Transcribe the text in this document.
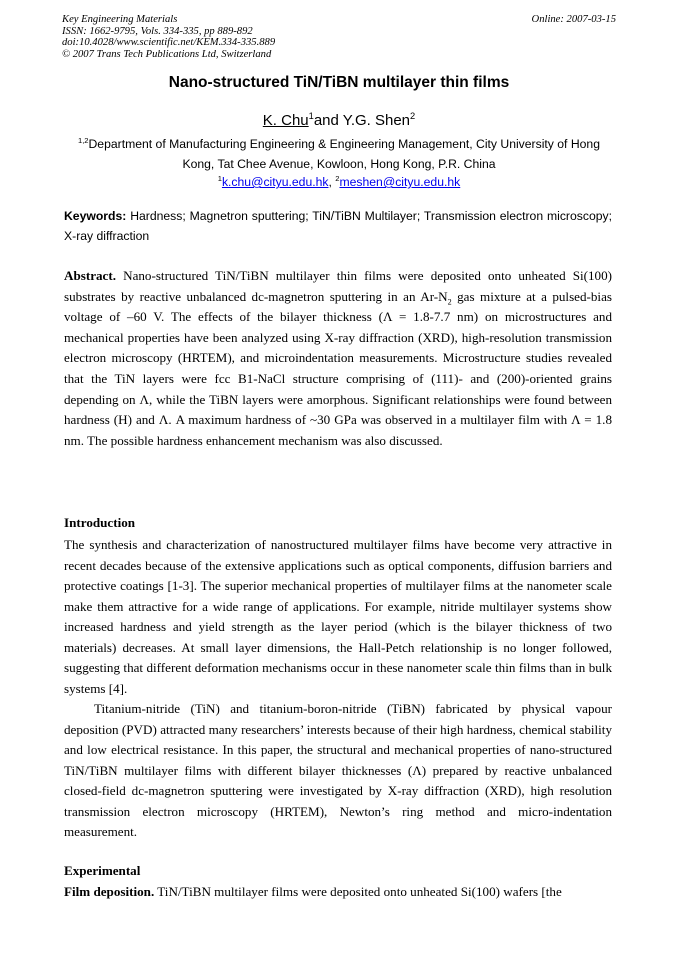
Key Engineering Materials
ISSN: 1662-9795, Vols. 334-335, pp 889-892
doi:10.4028/www.scientific.net/KEM.334-335.889
© 2007 Trans Tech Publications Ltd, Switzerland
Online: 2007-03-15
Nano-structured TiN/TiBN multilayer thin films
K. Chu$^1$and Y.G. Shen$^2$
$^{1,2}$Department of Manufacturing Engineering & Engineering Management, City University of Hong
Kong, Tat Chee Avenue, Kowloon, Hong Kong, P.R. China
$^1$k.chu@cityu.edu.hk, $^2$meshen@cityu.edu.hk
Keywords: Hardness; Magnetron sputtering; TiN/TiBN Multilayer; Transmission electron microscopy; X-ray diffraction
Abstract. Nano-structured TiN/TiBN multilayer thin films were deposited onto unheated Si(100) substrates by reactive unbalanced dc-magnetron sputtering in an $Ar-N_2$ gas mixture at a pulsed-bias voltage of –60 V. The effects of the bilayer thickness (Λ = 1.8-7.7 nm) on microstructures and mechanical properties have been analyzed using X-ray diffraction (XRD), high-resolution transmission electron microscopy (HRTEM), and microindentation measurements. Microstructure studies revealed that the TiN layers were fcc B1-NaCl structure comprising of (111)- and (200)-oriented grains depending on Λ, while the TiBN layers were amorphous. Significant relationships were found between hardness (H) and Λ. A maximum hardness of ~30 GPa was observed in a multilayer film with Λ = 1.8 nm. The possible hardness enhancement mechanism was also discussed.
Introduction
The synthesis and characterization of nanostructured multilayer films have become very attractive in recent decades because of the extensive applications such as optical components, diffusion barriers and protective coatings [1-3]. The superior mechanical properties of multilayer films at the nanometer scale make them attractive for a wide range of applications. For example, nitride multilayer systems show increased hardness and yield strength as the layer period (which is the bilayer thickness of two materials) decreases. At small layer dimensions, the Hall-Petch relationship is no longer followed, suggesting that different deformation mechanisms occur in these nanometer scale thin films than in bulk systems [4].
Titanium-nitride (TiN) and titanium-boron-nitride (TiBN) fabricated by physical vapour deposition (PVD) attracted many researchers’ interests because of their high hardness, chemical stability and low electrical resistance. In this paper, the structural and mechanical properties of nano-structured TiN/TiBN multilayer films with different bilayer thicknesses (Λ) prepared by reactive unbalanced closed-field dc-magnetron sputtering were investigated by X-ray diffraction (XRD), high resolution transmission electron microscopy (HRTEM), Newton’s ring method and micro-indentation measurement.
Experimental
Film deposition. TiN/TiBN multilayer films were deposited onto unheated Si(100) wafers [the
